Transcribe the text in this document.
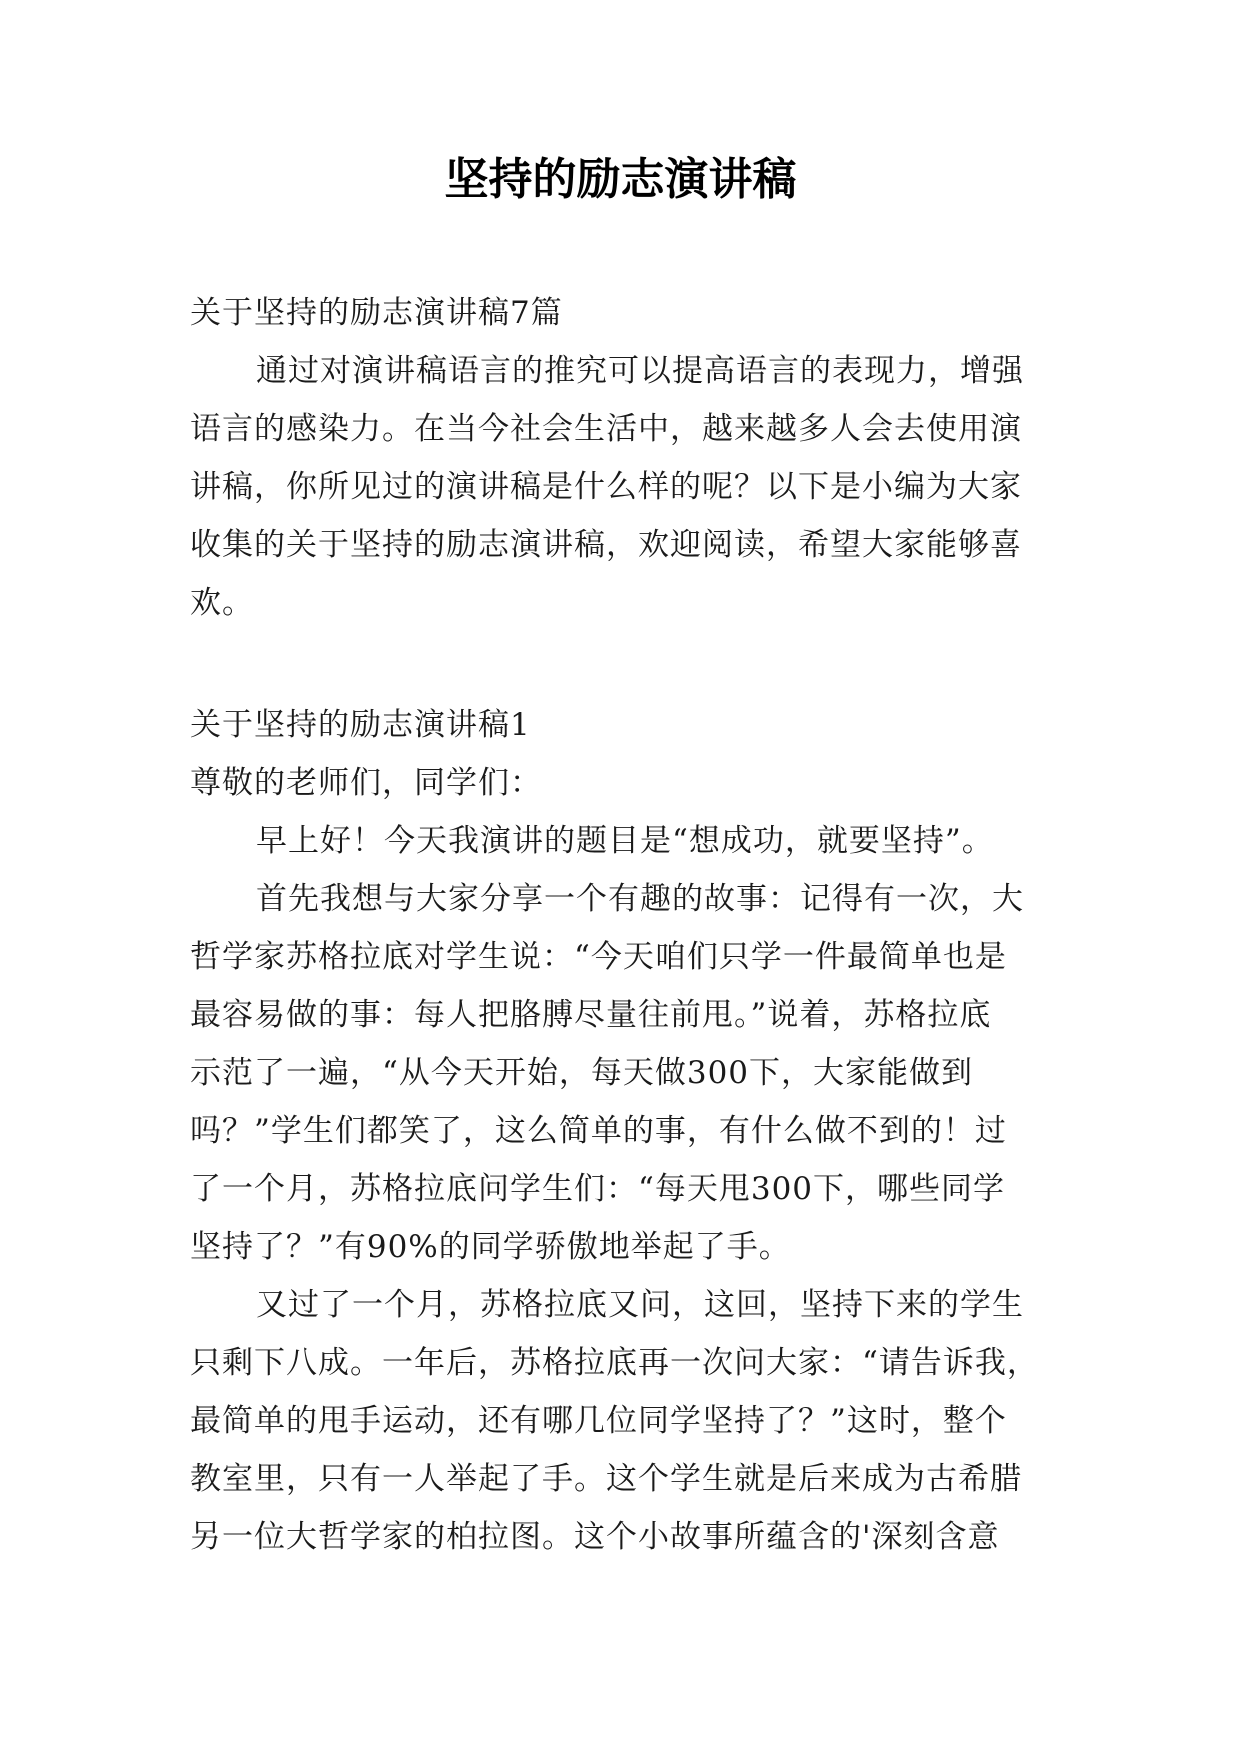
坚持的励志演讲稿
关于坚持的励志演讲稿7篇
通过对演讲稿语言的推究可以提高语言的表现力，增强
语言的感染力。在当今社会生活中，越来越多人会去使用演
讲稿，你所见过的演讲稿是什么样的呢？以下是小编为大家
收集的关于坚持的励志演讲稿，欢迎阅读，希望大家能够喜
欢。
关于坚持的励志演讲稿1
尊敬的老师们，同学们：
早上好！今天我演讲的题目是“想成功，就要坚持”。
首先我想与大家分享一个有趣的故事：记得有一次，大
哲学家苏格拉底对学生说：“今天咱们只学一件最简单也是
最容易做的事：每人把胳膊尽量往前甩。”说着，苏格拉底
示范了一遍，“从今天开始，每天做300下，大家能做到
吗？”学生们都笑了，这么简单的事，有什么做不到的！过
了一个月，苏格拉底问学生们：“每天甩300下，哪些同学
坚持了？”有90%的同学骄傲地举起了手。
又过了一个月，苏格拉底又问，这回，坚持下来的学生
只剩下八成。一年后，苏格拉底再一次问大家：“请告诉我，
最简单的甩手运动，还有哪几位同学坚持了？”这时，整个
教室里，只有一人举起了手。这个学生就是后来成为古希腊
另一位大哲学家的柏拉图。这个小故事所蕴含的'深刻含意
